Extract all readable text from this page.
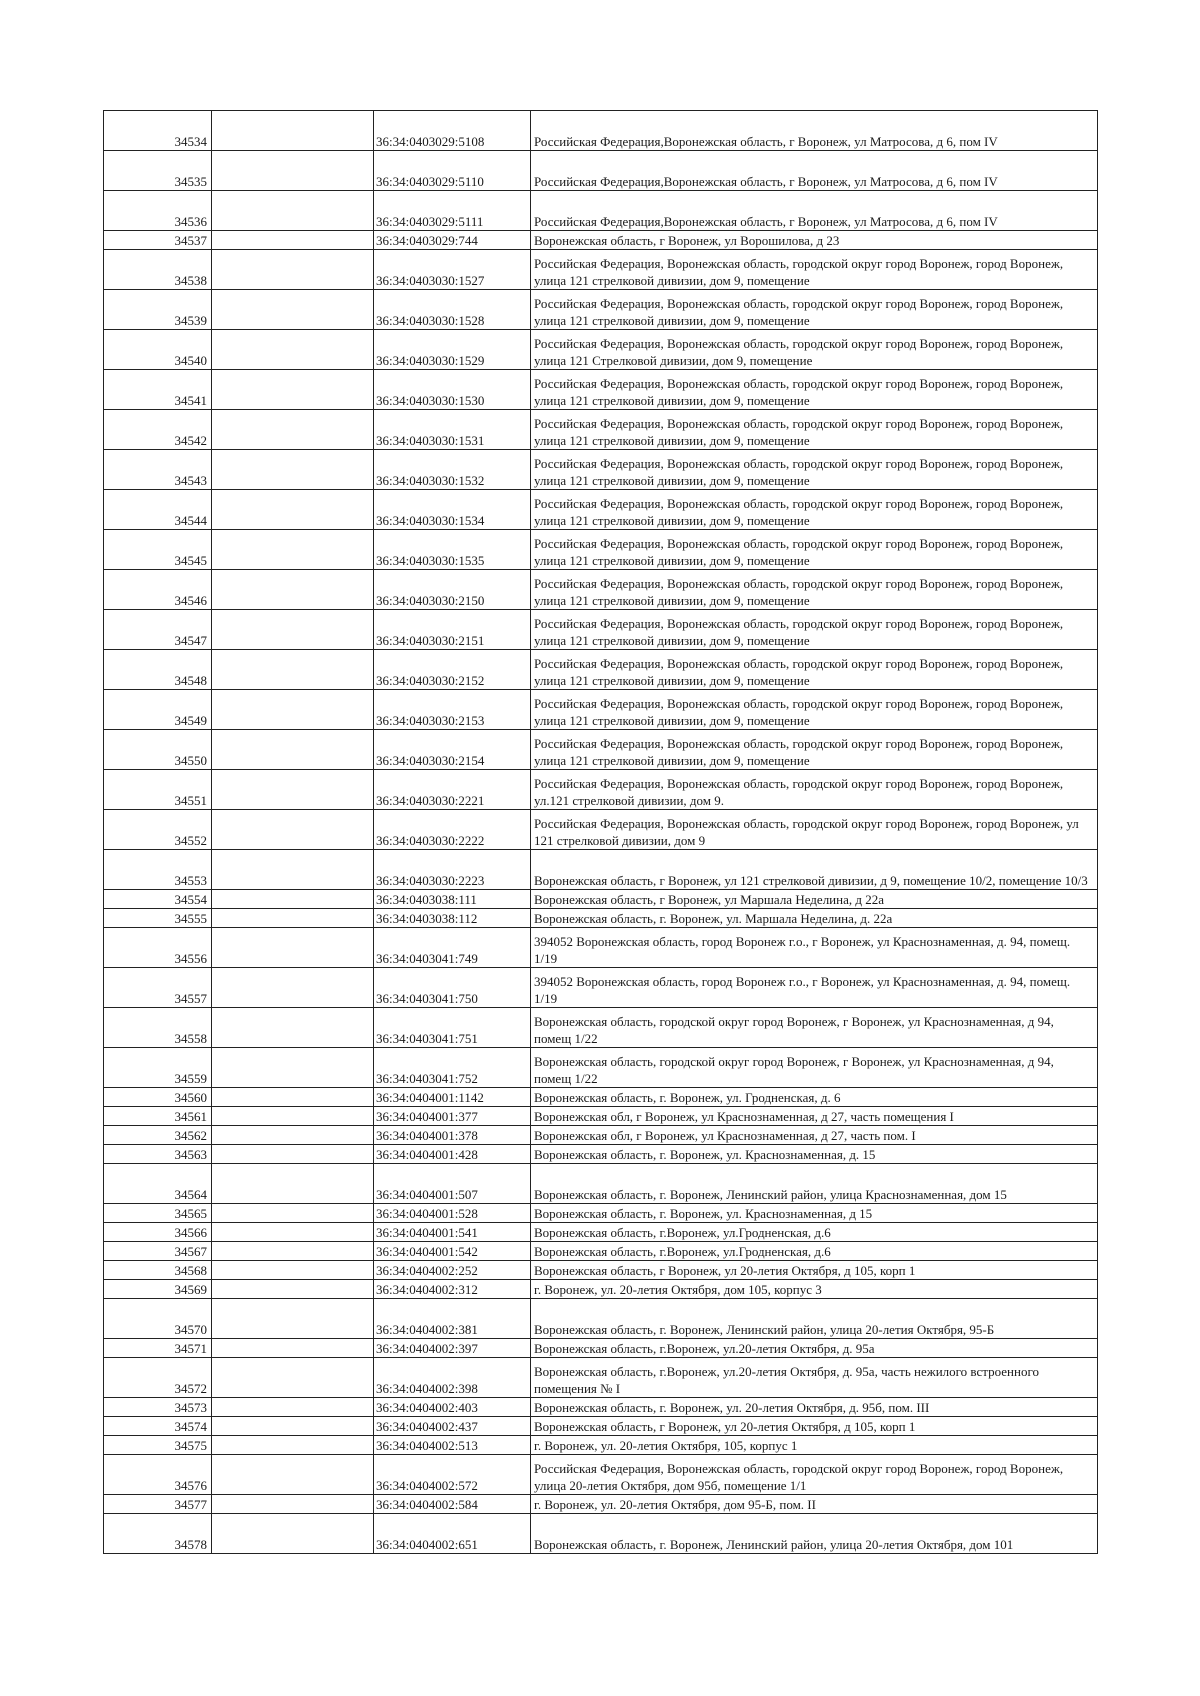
34534		36:34:0403029:5108	Российская Федерация,Воронежская область, г Воронеж, ул Матросова, д 6, пом IV
34535		36:34:0403029:5110	Российская Федерация,Воронежская область, г Воронеж, ул Матросова, д 6, пом IV
34536		36:34:0403029:5111	Российская Федерация,Воронежская область, г Воронеж, ул Матросова, д 6, пом IV
34537		36:34:0403029:744	Воронежская область, г Воронеж, ул Ворошилова, д 23
34538		36:34:0403030:1527	Российская Федерация, Воронежская область, городской округ город Воронеж, город Воронеж, улица 121 стрелковой дивизии, дом 9, помещение
34539		36:34:0403030:1528	Российская Федерация, Воронежская область, городской округ город Воронеж, город Воронеж, улица 121 стрелковой дивизии, дом 9, помещение
34540		36:34:0403030:1529	Российская Федерация, Воронежская область, городской округ город Воронеж, город Воронеж, улица 121 Стрелковой дивизии, дом 9, помещение
34541		36:34:0403030:1530	Российская Федерация, Воронежская область, городской округ город Воронеж, город Воронеж, улица 121 стрелковой дивизии, дом 9, помещение
34542		36:34:0403030:1531	Российская Федерация, Воронежская область, городской округ город Воронеж, город Воронеж, улица 121 стрелковой дивизии, дом 9, помещение
34543		36:34:0403030:1532	Российская Федерация, Воронежская область, городской округ город Воронеж, город Воронеж, улица 121 стрелковой дивизии, дом 9, помещение
34544		36:34:0403030:1534	Российская Федерация, Воронежская область, городской округ город Воронеж, город Воронеж, улица 121 стрелковой дивизии, дом 9, помещение
34545		36:34:0403030:1535	Российская Федерация, Воронежская область, городской округ город Воронеж, город Воронеж, улица 121 стрелковой дивизии, дом 9, помещение
34546		36:34:0403030:2150	Российская Федерация, Воронежская область, городской округ город Воронеж, город Воронеж, улица 121 стрелковой дивизии, дом 9, помещение
34547		36:34:0403030:2151	Российская Федерация, Воронежская область, городской округ город Воронеж, город Воронеж, улица 121 стрелковой дивизии, дом 9, помещение
34548		36:34:0403030:2152	Российская Федерация, Воронежская область, городской округ город Воронеж, город Воронеж, улица 121 стрелковой дивизии, дом 9, помещение
34549		36:34:0403030:2153	Российская Федерация, Воронежская область, городской округ город Воронеж, город Воронеж, улица 121 стрелковой дивизии, дом 9, помещение
34550		36:34:0403030:2154	Российская Федерация, Воронежская область, городской округ город Воронеж, город Воронеж, улица 121 стрелковой дивизии, дом 9, помещение
34551		36:34:0403030:2221	Российская Федерация, Воронежская область, городской округ город Воронеж, город Воронеж, ул.121 стрелковой дивизии, дом 9.
34552		36:34:0403030:2222	Российская Федерация, Воронежская область, городской округ город Воронеж, город Воронеж, ул 121 стрелковой дивизии, дом 9
34553		36:34:0403030:2223	Воронежская область, г Воронеж, ул 121 стрелковой дивизии, д 9, помещение 10/2, помещение 10/3
34554		36:34:0403038:111	Воронежская область, г Воронеж, ул Маршала Неделина, д 22а
34555		36:34:0403038:112	Воронежская область, г. Воронеж, ул. Маршала Неделина, д. 22а
34556		36:34:0403041:749	394052 Воронежская область, город Воронеж г.о., г Воронеж, ул Краснознаменная, д. 94, помещ. 1/19
34557		36:34:0403041:750	394052 Воронежская область, город Воронеж г.о., г Воронеж, ул Краснознаменная, д. 94, помещ. 1/19
34558		36:34:0403041:751	Воронежская область, городской округ город Воронеж, г Воронеж, ул Краснознаменная, д 94, помещ 1/22
34559		36:34:0403041:752	Воронежская область, городской округ город Воронеж, г Воронеж, ул Краснознаменная, д 94, помещ 1/22
34560		36:34:0404001:1142	Воронежская область, г. Воронеж, ул. Гродненская, д. 6
34561		36:34:0404001:377	Воронежская обл, г Воронеж, ул Краснознаменная, д 27, часть помещения I
34562		36:34:0404001:378	Воронежская обл, г Воронеж, ул Краснознаменная, д 27, часть пом. I
34563		36:34:0404001:428	Воронежская область, г. Воронеж, ул. Краснознаменная, д. 15
34564		36:34:0404001:507	Воронежская область, г. Воронеж, Ленинский район, улица Краснознаменная, дом 15
34565		36:34:0404001:528	Воронежская область, г. Воронеж, ул. Краснознаменная, д 15
34566		36:34:0404001:541	Воронежская область, г.Воронеж, ул.Гродненская, д.6
34567		36:34:0404001:542	Воронежская область, г.Воронеж, ул.Гродненская, д.6
34568		36:34:0404002:252	Воронежская область, г Воронеж, ул 20-летия Октября, д 105, корп 1
34569		36:34:0404002:312	г. Воронеж, ул. 20-летия Октября, дом 105, корпус 3
34570		36:34:0404002:381	Воронежская область, г. Воронеж, Ленинский район, улица 20-летия Октября, 95-Б
34571		36:34:0404002:397	Воронежская область, г.Воронеж, ул.20-летия Октября, д. 95а
34572		36:34:0404002:398	Воронежская область, г.Воронеж, ул.20-летия Октября, д. 95а, часть нежилого встроенного помещения № I
34573		36:34:0404002:403	Воронежская область, г. Воронеж, ул. 20-летия Октября, д. 95б, пом. III
34574		36:34:0404002:437	Воронежская область, г Воронеж, ул 20-летия Октября, д 105, корп 1
34575		36:34:0404002:513	г. Воронеж, ул. 20-летия Октября, 105, корпус 1
34576		36:34:0404002:572	Российская Федерация, Воронежская область, городской округ город Воронеж, город Воронеж, улица 20-летия Октября, дом 95б, помещение 1/1
34577		36:34:0404002:584	г. Воронеж, ул. 20-летия Октября, дом 95-Б, пом. II
34578		36:34:0404002:651	Воронежская область, г. Воронеж, Ленинский район, улица 20-летия Октября, дом 101
